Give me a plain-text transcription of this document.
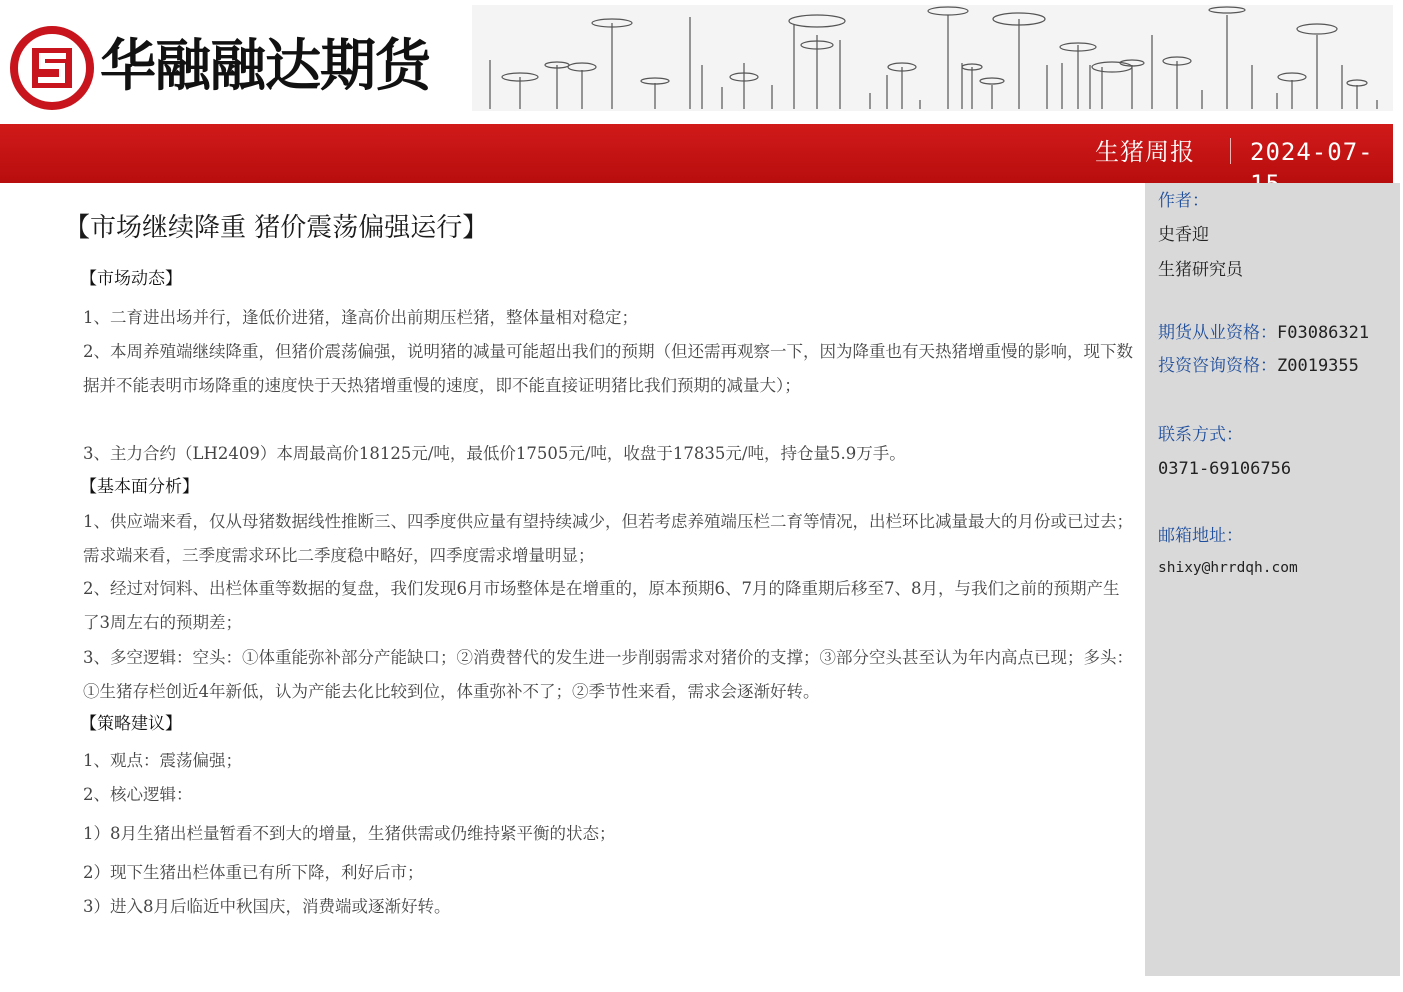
华融融达期货
生猪周报 2024-07-
作者：
史香迎
生猪研究员
期货从业资格：F03086321
投资咨询资格：Z0019355
联系方式：
0371-69106756
邮箱地址：
shixy@hrrdqh.com
【市场继续降重 猪价震荡偏强运行】
【市场动态】
1、二育进出场并行，逢低价进猪，逢高价出前期压栏猪，整体量相对稳定；
2、本周养殖端继续降重，但猪价震荡偏强，说明猪的减量可能超出我们的预期（但还需再观察一下，因为降重也有天热猪增重慢的影响，现下数据并不能表明市场降重的速度快于天热猪增重慢的速度，即不能直接证明猪比我们预期的减量大）；
3、主力合约（LH2409）本周最高价18125元/吨，最低价17505元/吨，收盘于17835元/吨，持仓量5.9万手。
【基本面分析】
1、供应端来看，仅从母猪数据线性推断三、四季度供应量有望持续减少，但若考虑养殖端压栏二育等情况，出栏环比减量最大的月份或已过去；需求端来看，三季度需求环比二季度稳中略好，四季度需求增量明显；
2、经过对饲料、出栏体重等数据的复盘，我们发现6月市场整体是在增重的，原本预期6、7月的降重期后移至7、8月，与我们之前的预期产生了3周左右的预期差；
3、多空逻辑：空头：①体重能弥补部分产能缺口；②消费替代的发生进一步削弱需求对猪价的支撑；③部分空头甚至认为年内高点已现；多头：①生猪存栏创近4年新低，认为产能去化比较到位，体重弥补不了；②季节性来看，需求会逐渐好转。
【策略建议】
1、观点：震荡偏强；
2、核心逻辑：
1）8月生猪出栏量暂看不到大的增量，生猪供需或仍维持紧平衡的状态；
2）现下生猪出栏体重已有所下降，利好后市；
3）进入8月后临近中秋国庆，消费端或逐渐好转。
